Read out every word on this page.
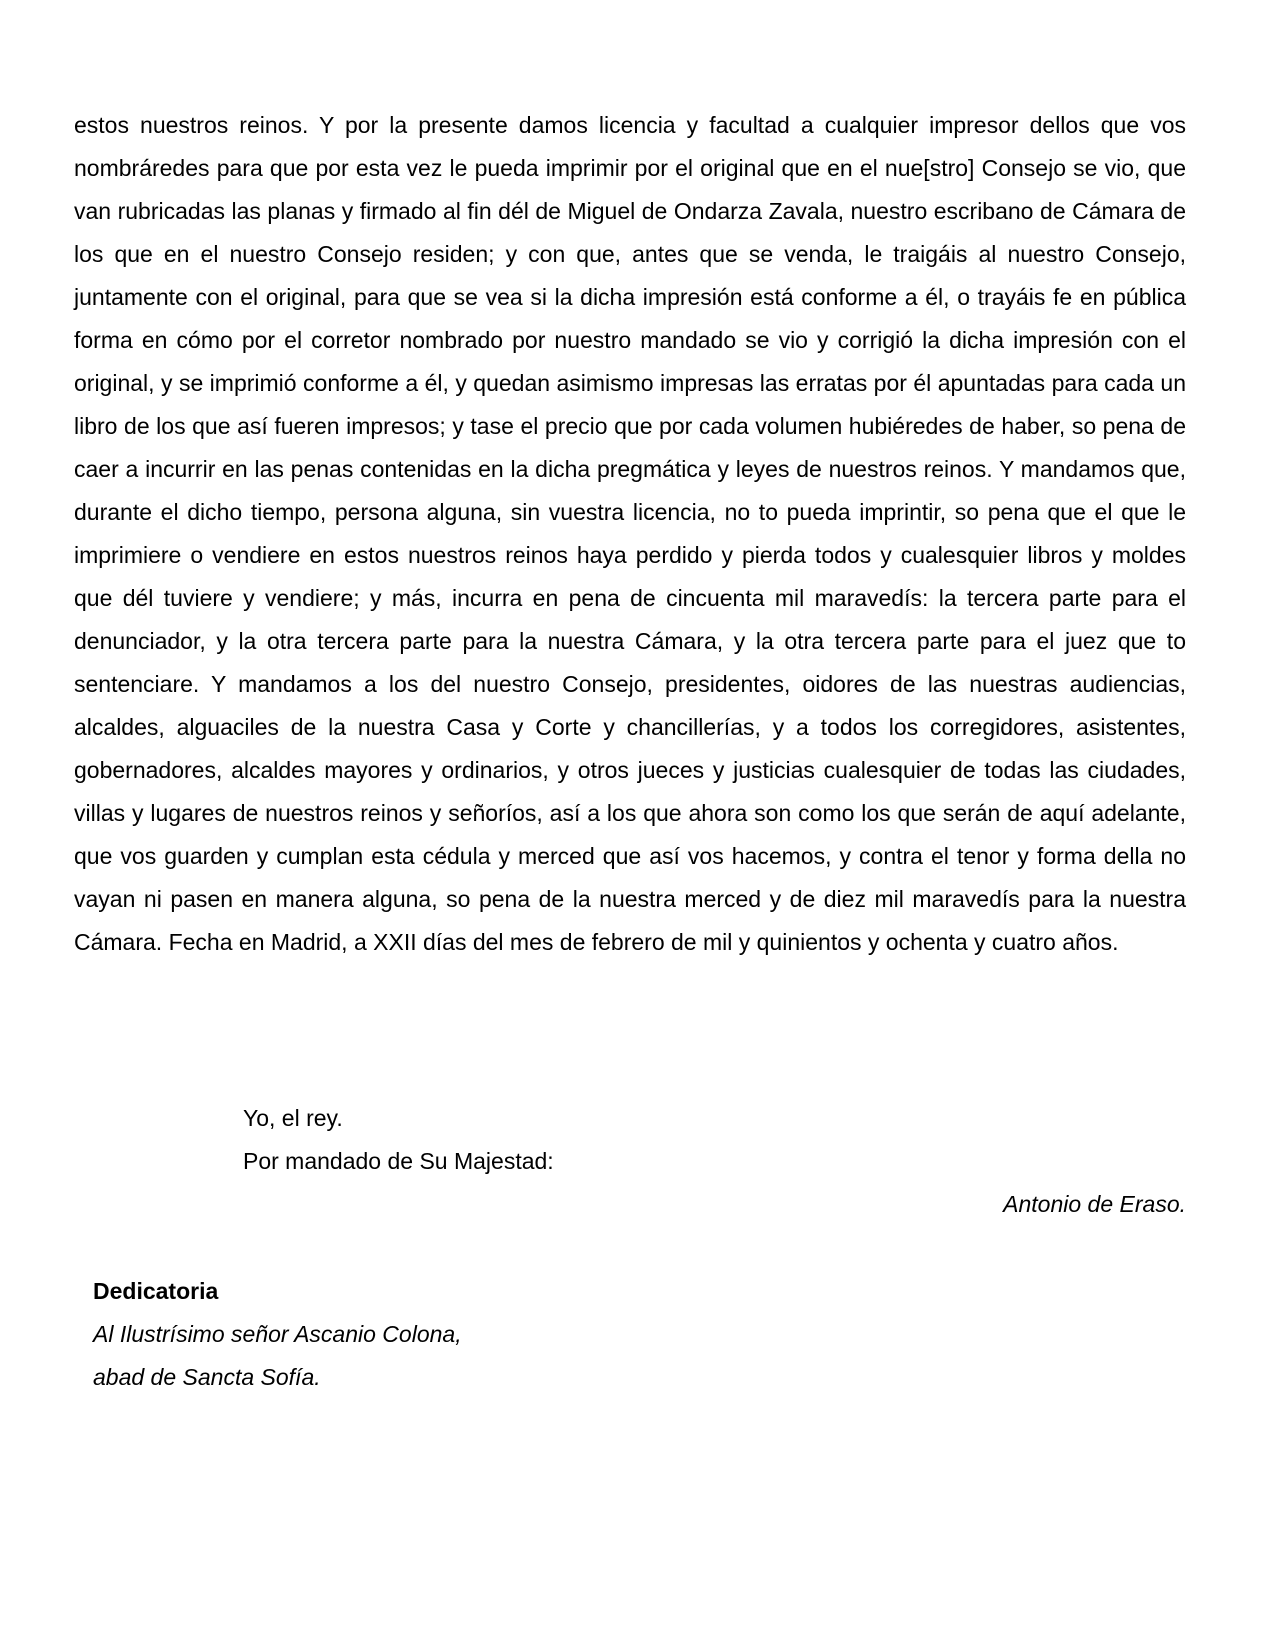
estos nuestros reinos. Y por la presente damos licencia y facultad a cualquier impresor dellos que vos nombráredes para que por esta vez le pueda imprimir por el original que en el nue[stro] Consejo se vio, que van rubricadas las planas y firmado al fin dél de Miguel de Ondarza Zavala, nuestro escribano de Cámara de los que en el nuestro Consejo residen; y con que, antes que se venda, le traigáis al nuestro Consejo, juntamente con el original, para que se vea si la dicha impresión está conforme a él, o trayáis fe en pública forma en cómo por el corretor nombrado por nuestro mandado se vio y corrigió la dicha impresión con el original, y se imprimió conforme a él, y quedan asimismo impresas las erratas por él apuntadas para cada un libro de los que así fueren impresos; y tase el precio que por cada volumen hubiéredes de haber, so pena de caer a incurrir en las penas contenidas en la dicha pregmática y leyes de nuestros reinos. Y mandamos que, durante el dicho tiempo, persona alguna, sin vuestra licencia, no to pueda imprintir, so pena que el que le imprimiere o vendiere en estos nuestros reinos haya perdido y pierda todos y cualesquier libros y moldes que dél tuviere y vendiere; y más, incurra en pena de cincuenta mil maravedís: la tercera parte para el denunciador, y la otra tercera parte para la nuestra Cámara, y la otra tercera parte para el juez que to sentenciare. Y mandamos a los del nuestro Consejo, presidentes, oidores de las nuestras audiencias, alcaldes, alguaciles de la nuestra Casa y Corte y chancillerías, y a todos los corregidores, asistentes, gobernadores, alcaldes mayores y ordinarios, y otros jueces y justicias cualesquier de todas las ciudades, villas y lugares de nuestros reinos y señoríos, así a los que ahora son como los que serán de aquí adelante, que vos guarden y cumplan esta cédula y merced que así vos hacemos, y contra el tenor y forma della no vayan ni pasen en manera alguna, so pena de la nuestra merced y de diez mil maravedís para la nuestra Cámara. Fecha en Madrid, a XXII días del mes de febrero de mil y quinientos y ochenta y cuatro años.

Yo, el rey.
Por mandado de Su Majestad:
Antonio de Eraso.
Dedicatoria
Al Ilustrísimo señor Ascanio Colona,
abad de Sancta Sofía.
